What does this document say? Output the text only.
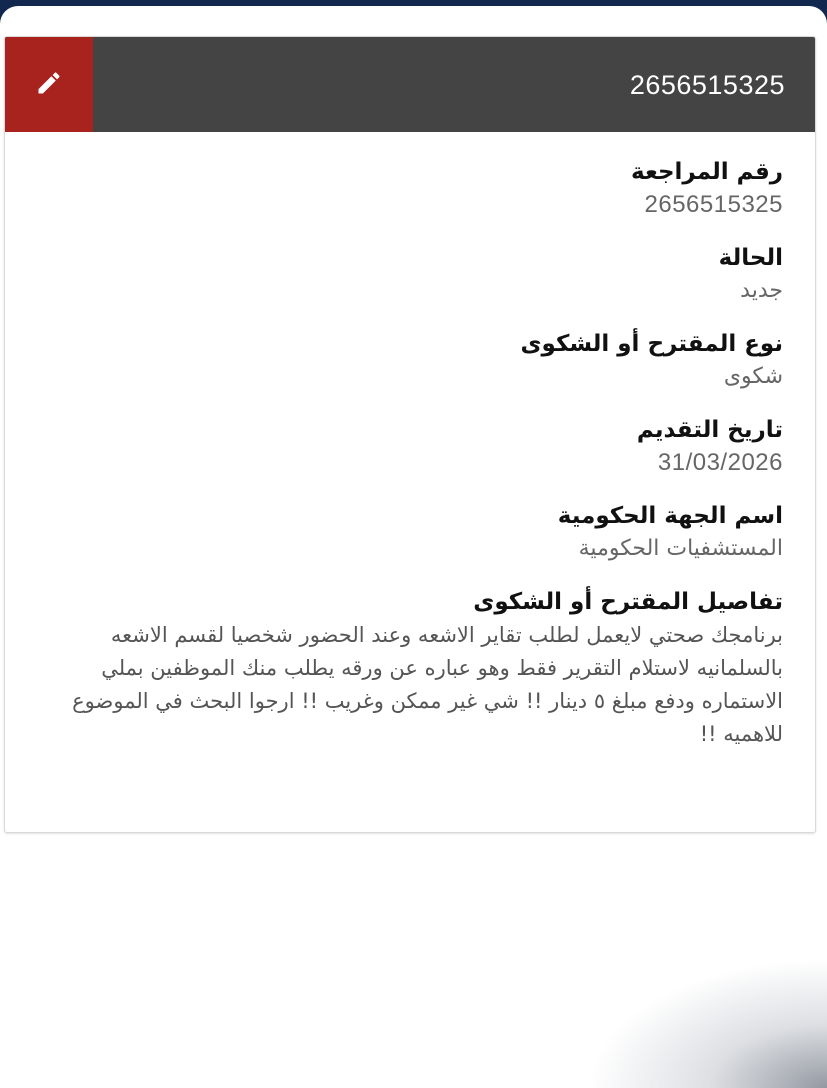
2656515325
رقم المراجعة
2656515325
الحالة
جديد
نوع المقترح أو الشكوى
شكوى
تاريخ التقديم
31/03/2026
اسم الجهة الحكومية
المستشفيات الحكومية
تفاصيل المقترح أو الشكوى
برنامجك صحتي لايعمل لطلب تقاير الاشعه وعند الحضور شخصيا لقسم الاشعه بالسلمانيه لاستلام التقرير فقط وهو عباره عن ورقه يطلب منك الموظفين بملي الاستماره ودفع مبلغ ٥ دينار !! شي غير ممكن وغريب !! ارجوا البحث في الموضوع للاهميه !!
